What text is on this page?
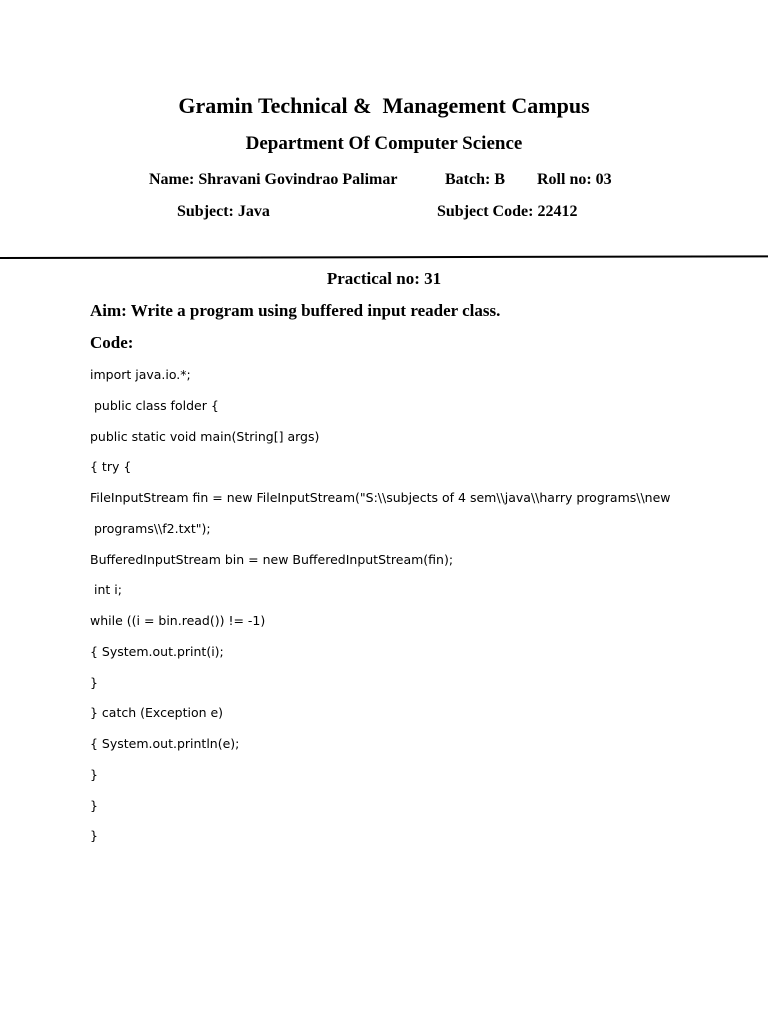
Gramin Technical &  Management Campus
Department Of Computer Science
Name: Shravani Govindrao Palimar	Batch: B Roll no: 03
Subject: Java	Subject Code: 22412
Practical no: 31
Aim: Write a program using buffered input reader class.
Code:
import java.io.*;
public class folder {
public static void main(String[] args)
{ try {
FileInputStream fin = new FileInputStream("S:\\subjects of 4 sem\\java\\harry programs\\new
programs\\f2.txt");
BufferedInputStream bin = new BufferedInputStream(fin);
int i;
while ((i = bin.read()) != -1)
{ System.out.print(i);
}
} catch (Exception e)
{ System.out.println(e);
}
}
}
